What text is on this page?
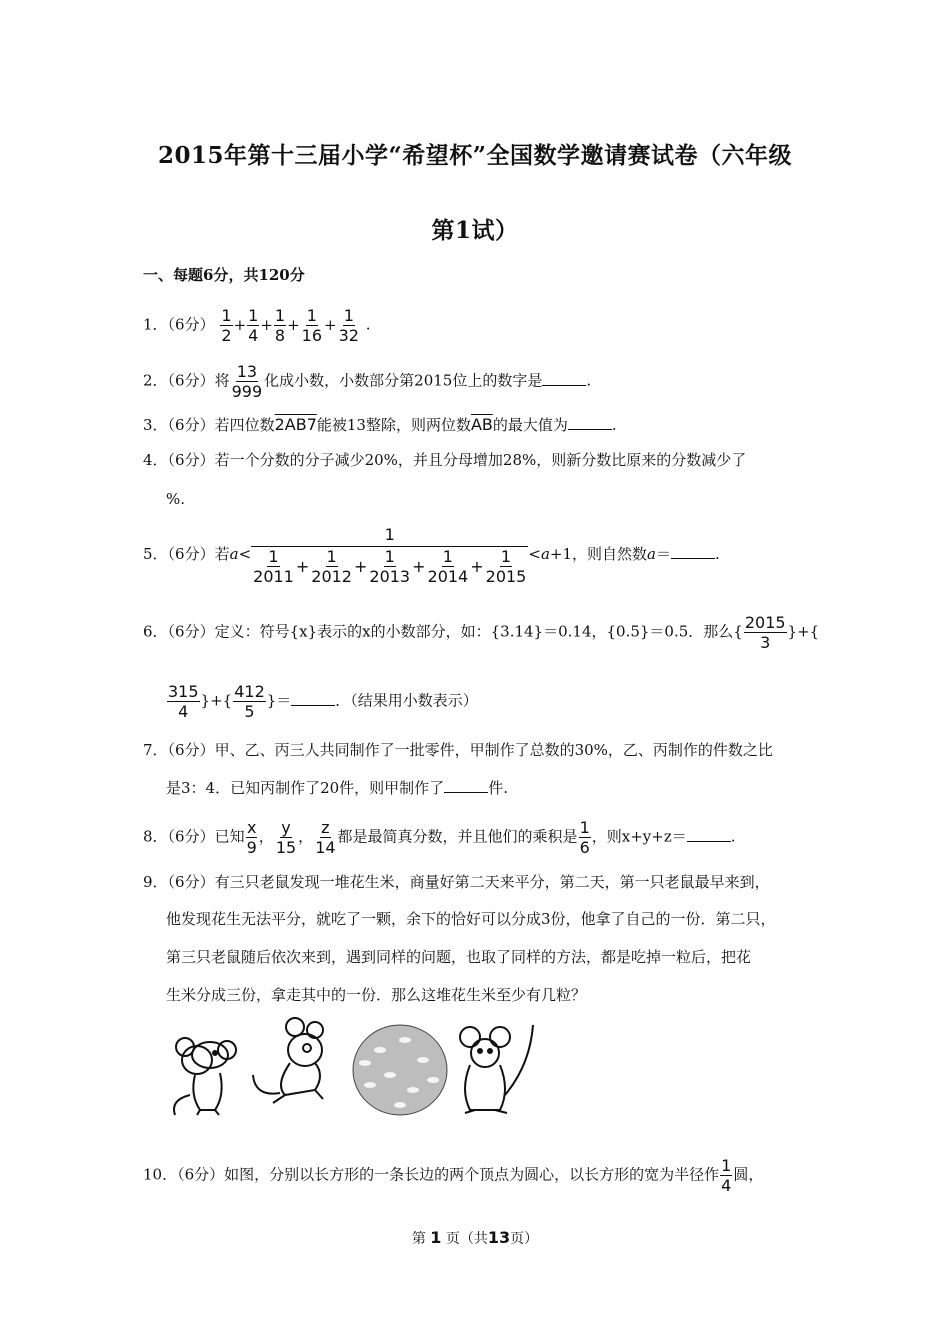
2015年第十三届小学“希望杯”全国数学邀请赛试卷（六年级
第1试）
一、每题6分，共120分
1．（6分） $\frac{1}{2} + \frac{1}{4} + \frac{1}{8} + \frac{1}{16} + \frac{1}{32}$ .
2．（6分）将 $\frac{13}{999}$ 化成小数，小数部分第2015位上的数字是	.
3．（6分）若四位数2AB7能被13整除，则两位数$\overline{AB}$的最大值为	.
4．（6分）若一个分数的分子减少20%，并且分母增加28%，则新分数比原来的分数减少了
%.
5．（6分）若$a< \frac{1}{\frac{1}{2011} + \frac{1}{2012} + \frac{1}{2013} + \frac{1}{2014} + \frac{1}{2015}} <a+1$，则自然数a＝	.
6．（6分）定义：符号{x}表示的x的小数部分，如：{3.14}＝0.14，{0.5}＝0.5．那么{ $\frac{2015}{3}$ }+{
$\frac{315}{4}$ }+{ $\frac{412}{5}$ }＝	．（结果用小数表示）
7．（6分）甲、乙、丙三人共同制作了一批零件，甲制作了总数的30%，乙、丙制作的件数之比
是3：4．已知丙制作了20件，则甲制作了	件.
8．（6分）已知 $\frac{x}{9}$ ， $\frac{y}{15}$ ， $\frac{z}{14}$ 都是最简真分数，并且他们的乘积是 $\frac{1}{6}$ ，则x+y+z＝	.
9．（6分）有三只老鼠发现一堆花生米，商量好第二天来平分，第二天，第一只老鼠最早来到，
他发现花生无法平分，就吃了一颗，余下的恰好可以分成3份，他拿了自己的一份．第二只，
第三只老鼠随后依次来到，遇到同样的问题，也取了同样的方法，都是吃掉一粒后，把花
生米分成三份，拿走其中的一份．那么这堆花生米至少有几粒？
10．（6分）如图，分别以长方形的一条长边的两个顶点为圆心，以长方形的宽为半径作 $\frac{1}{4}$ 圆，
第 1 页（共13页）
